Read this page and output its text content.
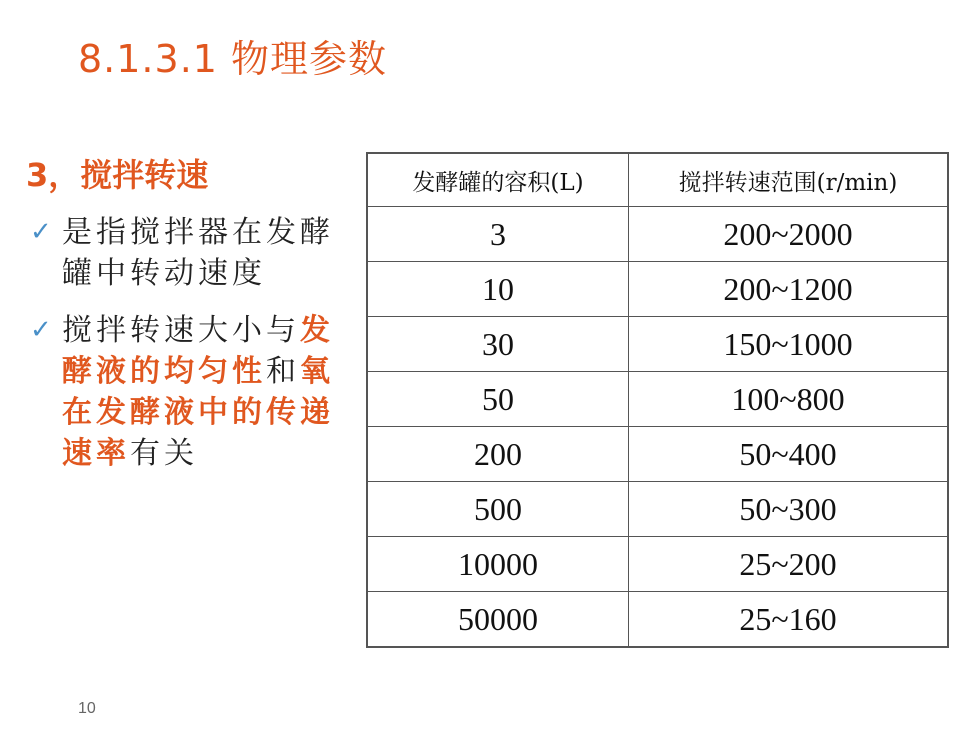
8.1.3.1 物理参数
3，搅拌转速
✓ 是指搅拌器在发酵罐中转动速度
✓ 搅拌转速大小与发酵液的均匀性和氧在发酵液中的传递速率有关
发酵罐的容积(L)	搅拌转速范围(r/min)
3	200~2000
10	200~1200
30	150~1000
50	100~800
200	50~400
500	50~300
10000	25~200
50000	25~160
10
